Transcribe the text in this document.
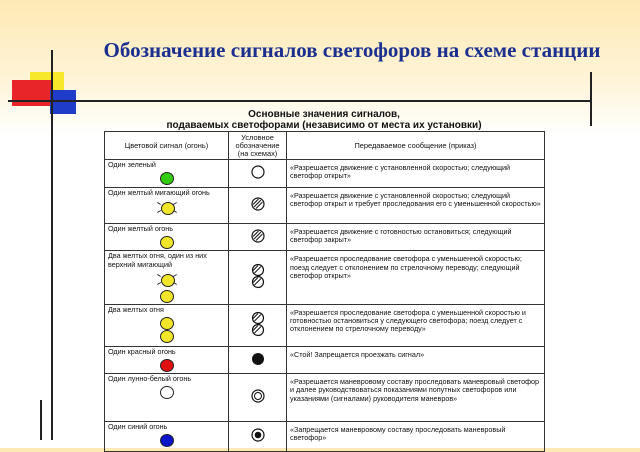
Обозначение сигналов светофоров на схеме станции
Основные значения сигналов,
подаваемых светофорами (независимо от места их установки)
Цветовой сигнал (огонь)	Условное обозначение (на схемах)	Передаваемое сообщение (приказ)

Один зеленый		«Разрешается движение с установленной скоростью; следующий светофор открыт»

Один желтый мигающий огонь		«Разрешается движение с установленной скоростью; следующий светофор открыт и требует проследования его с уменьшенной скоростью»

Один желтый огонь		«Разрешается движение с готовностью остановиться; следующий светофор закрыт»

Два желтых огня, один из них верхний мигающий		«Разрешается проследование светофора с уменьшенной скоростью; поезд следует с отклонением по стрелочному переводу; следующий светофор открыт»

Два желтых огня		«Разрешается проследование светофора с уменьшенной скоростью и готовностью остановиться у следующего светофора; поезд следует с отклонением по стрелочному переводу»

Один красный огонь		«Стой! Запрещается проезжать сигнал»

Один лунно-белый огонь		«Разрешается маневровому составу проследовать маневровый светофор и далее руководствоваться показаниями попутных светофоров или указаниями (сигналами) руководителя маневров»

Один синий огонь		«Запрещается маневровому составу проследовать маневровый светофор»
